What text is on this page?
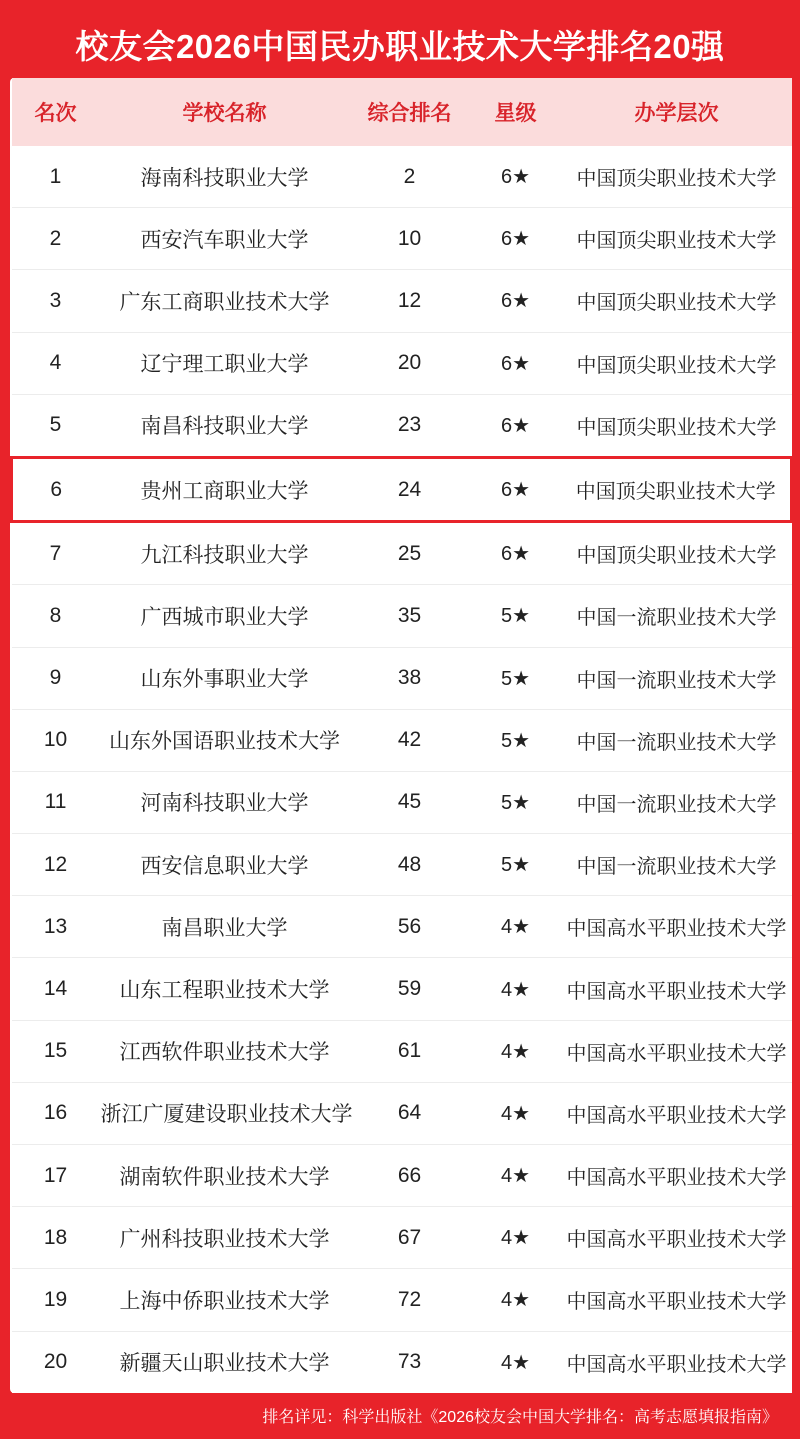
校友会2026中国民办职业技术大学排名20强
名次	学校名称	综合排名	星级	办学层次
1	海南科技职业大学	2	6★	中国顶尖职业技术大学
2	西安汽车职业大学	10	6★	中国顶尖职业技术大学
3	广东工商职业技术大学	12	6★	中国顶尖职业技术大学
4	辽宁理工职业大学	20	6★	中国顶尖职业技术大学
5	南昌科技职业大学	23	6★	中国顶尖职业技术大学
6	贵州工商职业大学	24	6★	中国顶尖职业技术大学
7	九江科技职业大学	25	6★	中国顶尖职业技术大学
8	广西城市职业大学	35	5★	中国一流职业技术大学
9	山东外事职业大学	38	5★	中国一流职业技术大学
10	山东外国语职业技术大学	42	5★	中国一流职业技术大学
11	河南科技职业大学	45	5★	中国一流职业技术大学
12	西安信息职业大学	48	5★	中国一流职业技术大学
13	南昌职业大学	56	4★	中国高水平职业技术大学
14	山东工程职业技术大学	59	4★	中国高水平职业技术大学
15	江西软件职业技术大学	61	4★	中国高水平职业技术大学
16	浙江广厦建设职业技术大学	64	4★	中国高水平职业技术大学
17	湖南软件职业技术大学	66	4★	中国高水平职业技术大学
18	广州科技职业技术大学	67	4★	中国高水平职业技术大学
19	上海中侨职业技术大学	72	4★	中国高水平职业技术大学
20	新疆天山职业技术大学	73	4★	中国高水平职业技术大学
排名详见：科学出版社《2026校友会中国大学排名：高考志愿填报指南》
